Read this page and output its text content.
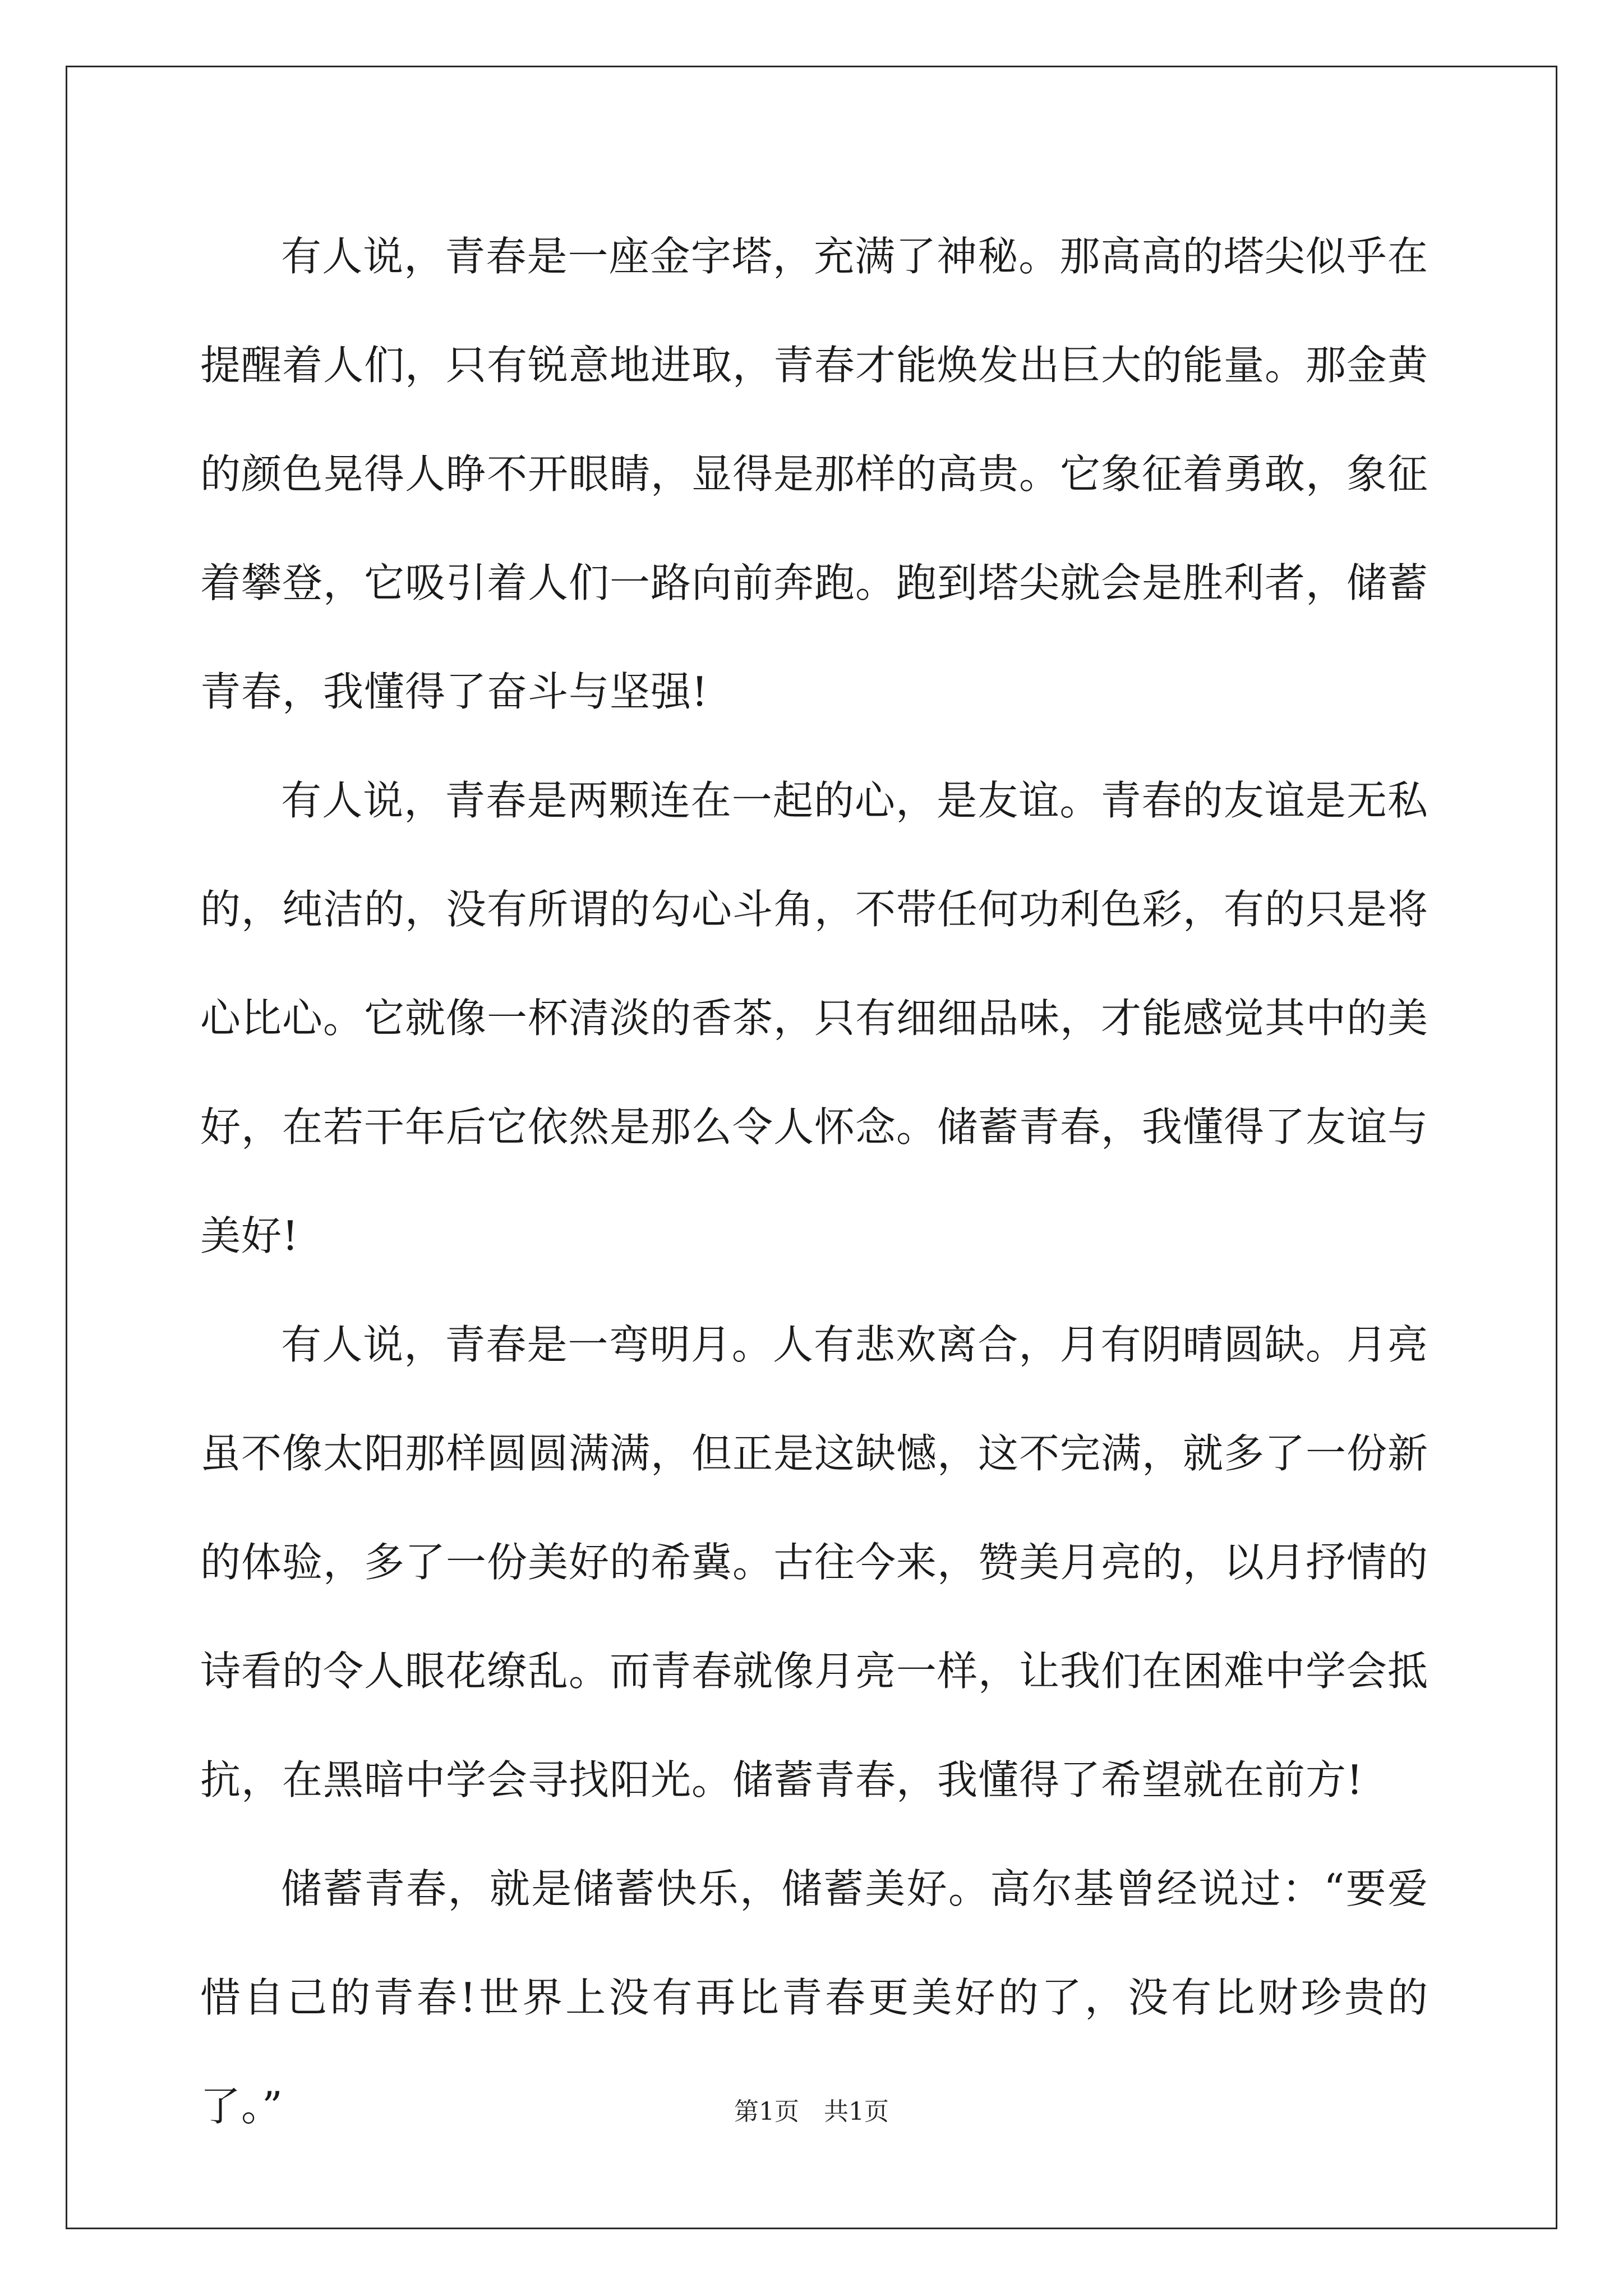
有人说，青春是一座金字塔，充满了神秘。那高高的塔尖似乎在提醒着人们，只有锐意地进取，青春才能焕发出巨大的能量。那金黄的颜色晃得人睁不开眼睛，显得是那样的高贵。它象征着勇敢，象征着攀登，它吸引着人们一路向前奔跑。跑到塔尖就会是胜利者，储蓄青春，我懂得了奋斗与坚强!

有人说，青春是两颗连在一起的心，是友谊。青春的友谊是无私的，纯洁的，没有所谓的勾心斗角，不带任何功利色彩，有的只是将心比心。它就像一杯清淡的香茶，只有细细品味，才能感觉其中的美好，在若干年后它依然是那么令人怀念。储蓄青春，我懂得了友谊与美好!

有人说，青春是一弯明月。人有悲欢离合，月有阴晴圆缺。月亮虽不像太阳那样圆圆满满，但正是这缺憾，这不完满，就多了一份新的体验，多了一份美好的希冀。古往今来，赞美月亮的，以月抒情的诗看的令人眼花缭乱。而青春就像月亮一样，让我们在困难中学会抵抗，在黑暗中学会寻找阳光。储蓄青春，我懂得了希望就在前方!

储蓄青春，就是储蓄快乐，储蓄美好。高尔基曾经说过：“要爱惜自己的青春!世界上没有再比青春更美好的了，没有比财珍贵的了。”	第1页　共1页
